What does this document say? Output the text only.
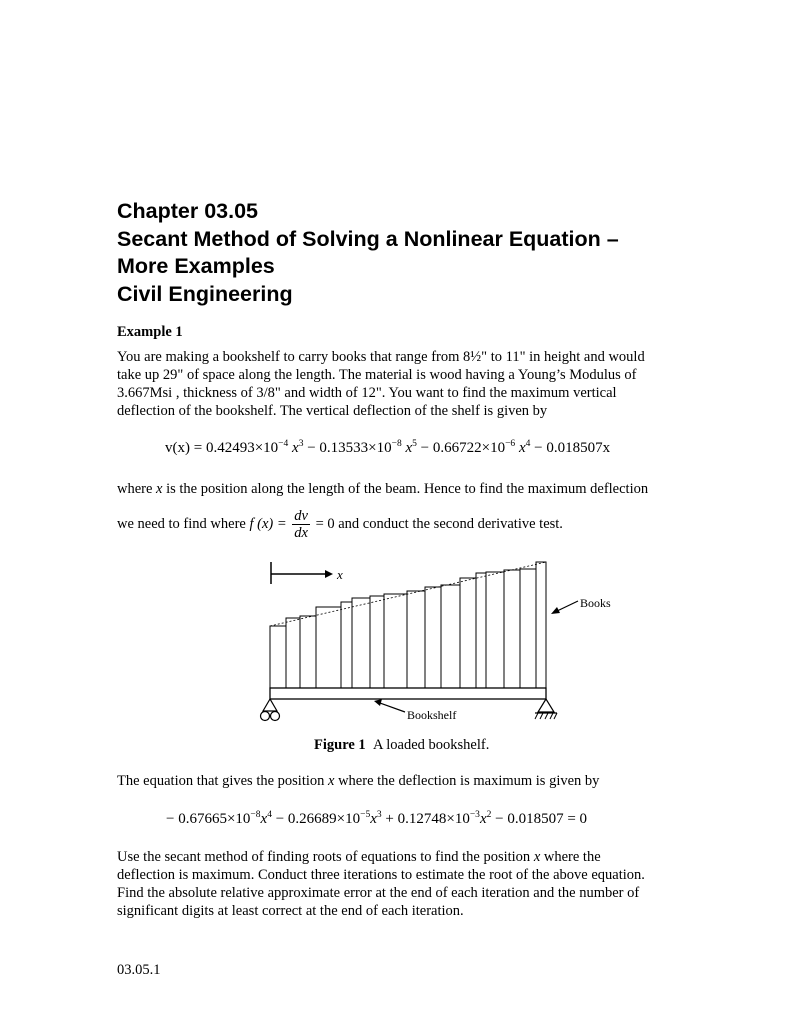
Chapter 03.05
Secant Method of Solving a Nonlinear Equation –
More Examples
Civil Engineering
Example 1
You are making a bookshelf to carry books that range from 8½" to 11" in height and would
take up 29" of space along the length. The material is wood having a Young’s Modulus of
3.667Msi , thickness of 3/8" and width of 12". You want to find the maximum vertical
deflection of the bookshelf. The vertical deflection of the shelf is given by
$v(x) = 0.42493\times 10^{-4}$ $x^3 - 0.13533\times 10^{-8}$ $x^5 - 0.66722\times 10^{-6}$ $x^4 - 0.018507x$
where x is the position along the length of the beam. Hence to find the maximum deflection
we need to find where f $(x) = \frac{dv}{dx} = 0$ and conduct the second derivative test.
x
Books
Bookshelf
Figure 1 A loaded bookshelf.
The equation that gives the position x where the deflection is maximum is given by
− $0.67665\times 10^{-8}x^4 - 0.26689\times 10^{-5}x^3 + 0.12748\times 10^{-3}x^2 - 0.018507 = 0$
Use the secant method of finding roots of equations to find the position x where the
deflection is maximum. Conduct three iterations to estimate the root of the above equation.
Find the absolute relative approximate error at the end of each iteration and the number of
significant digits at least correct at the end of each iteration.
03.05.1
